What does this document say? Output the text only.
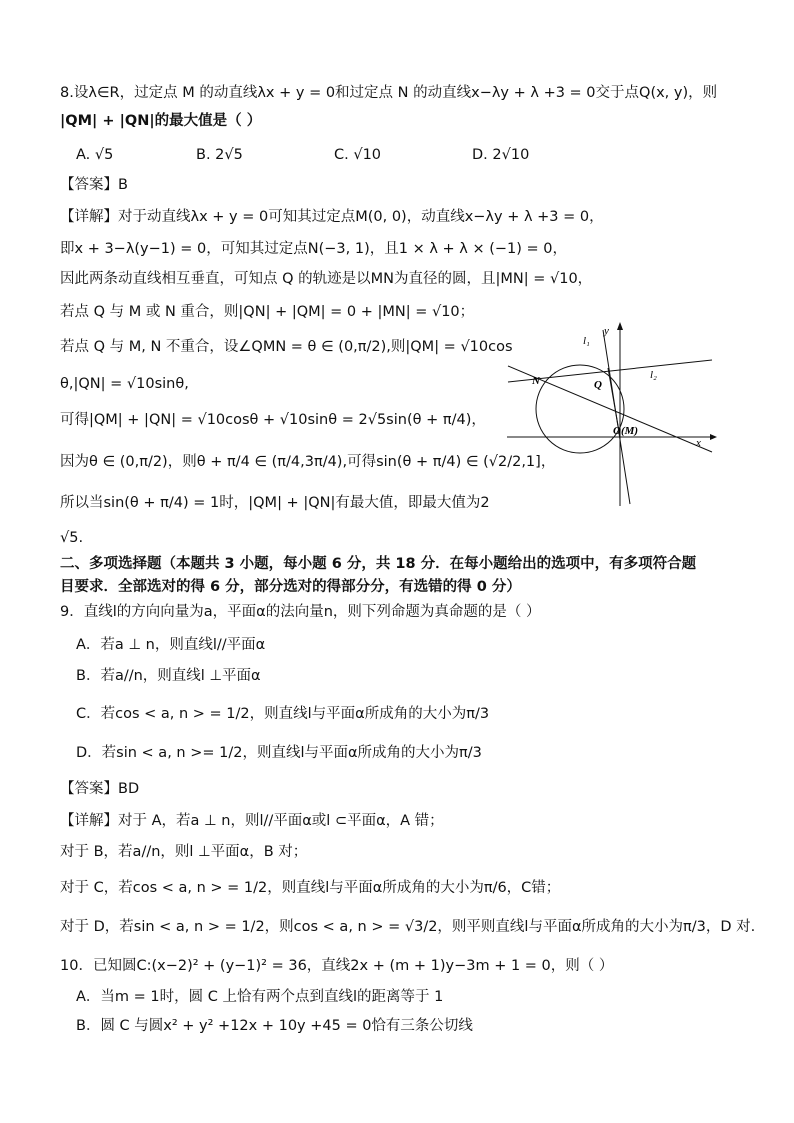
8.设λ∈R，过定点 M 的动直线λx + y = 0和过定点 N 的动直线x−λy + λ +3 = 0交于点Q(x, y)，则
|QM| + |QN|的最大值是（ ）
A. √5	B. 2√5	C. √10	D. 2√10
【答案】B
【详解】对于动直线λx + y = 0可知其过定点M(0, 0)，动直线x−λy + λ +3 = 0，
即x + 3−λ(y−1) = 0，可知其过定点N(−3, 1)，且1 × λ + λ × (−1) = 0，
因此两条动直线相互垂直，可知点 Q 的轨迹是以MN为直径的圆，且|MN| = √10，
若点 Q 与 M 或 N 重合，则|QN| + |QM| = 0 + |MN| = √10；
若点 Q 与 M, N 不重合，设∠QMN = θ ∈ (0,π/2),则|QM| = √10cos
θ,|QN| = √10sinθ,
可得|QM| + |QN| = √10cosθ + √10sinθ = 2√5sin(θ + π/4)，
因为θ ∈ (0,π/2)，则θ + π/4 ∈ (π/4,3π/4),可得sin(θ + π/4) ∈ (√2/2,1]，
所以当sin(θ + π/4) = 1时，|QM| + |QN|有最大值，即最大值为2
√5.
l₁
l₂
y
x
N	Q
O(M)
二、多项选择题（本题共 3 小题，每小题 6 分，共 18 分．在每小题给出的选项中，有多项符合题
目要求．全部选对的得 6 分，部分选对的得部分分，有选错的得 0 分）
9．直线l的方向向量为a，平面α的法向量n，则下列命题为真命题的是（ ）
A．若a ⊥ n，则直线l//平面α
B．若a//n，则直线l ⊥平面α
C．若cos < a, n > = 1/2，则直线l与平面α所成角的大小为π/3
D．若sin < a, n >= 1/2，则直线l与平面α所成角的大小为π/3
【答案】BD
【详解】对于 A，若a ⊥ n，则l//平面α或l ⊂平面α，A 错；
对于 B，若a//n，则l ⊥平面α，B 对；
对于 C，若cos < a, n > = 1/2，则直线l与平面α所成角的大小为π/6，C错；
对于 D，若sin < a, n > = 1/2，则cos < a, n > = √3/2，则平则直线l与平面α所成角的大小为π/3，D 对.
10．已知圆C:(x−2)² + (y−1)² = 36，直线2x + (m + 1)y−3m + 1 = 0，则（ ）
A．当m = 1时，圆 C 上恰有两个点到直线l的距离等于 1
B．圆 C 与圆x² + y² +12x + 10y +45 = 0恰有三条公切线
